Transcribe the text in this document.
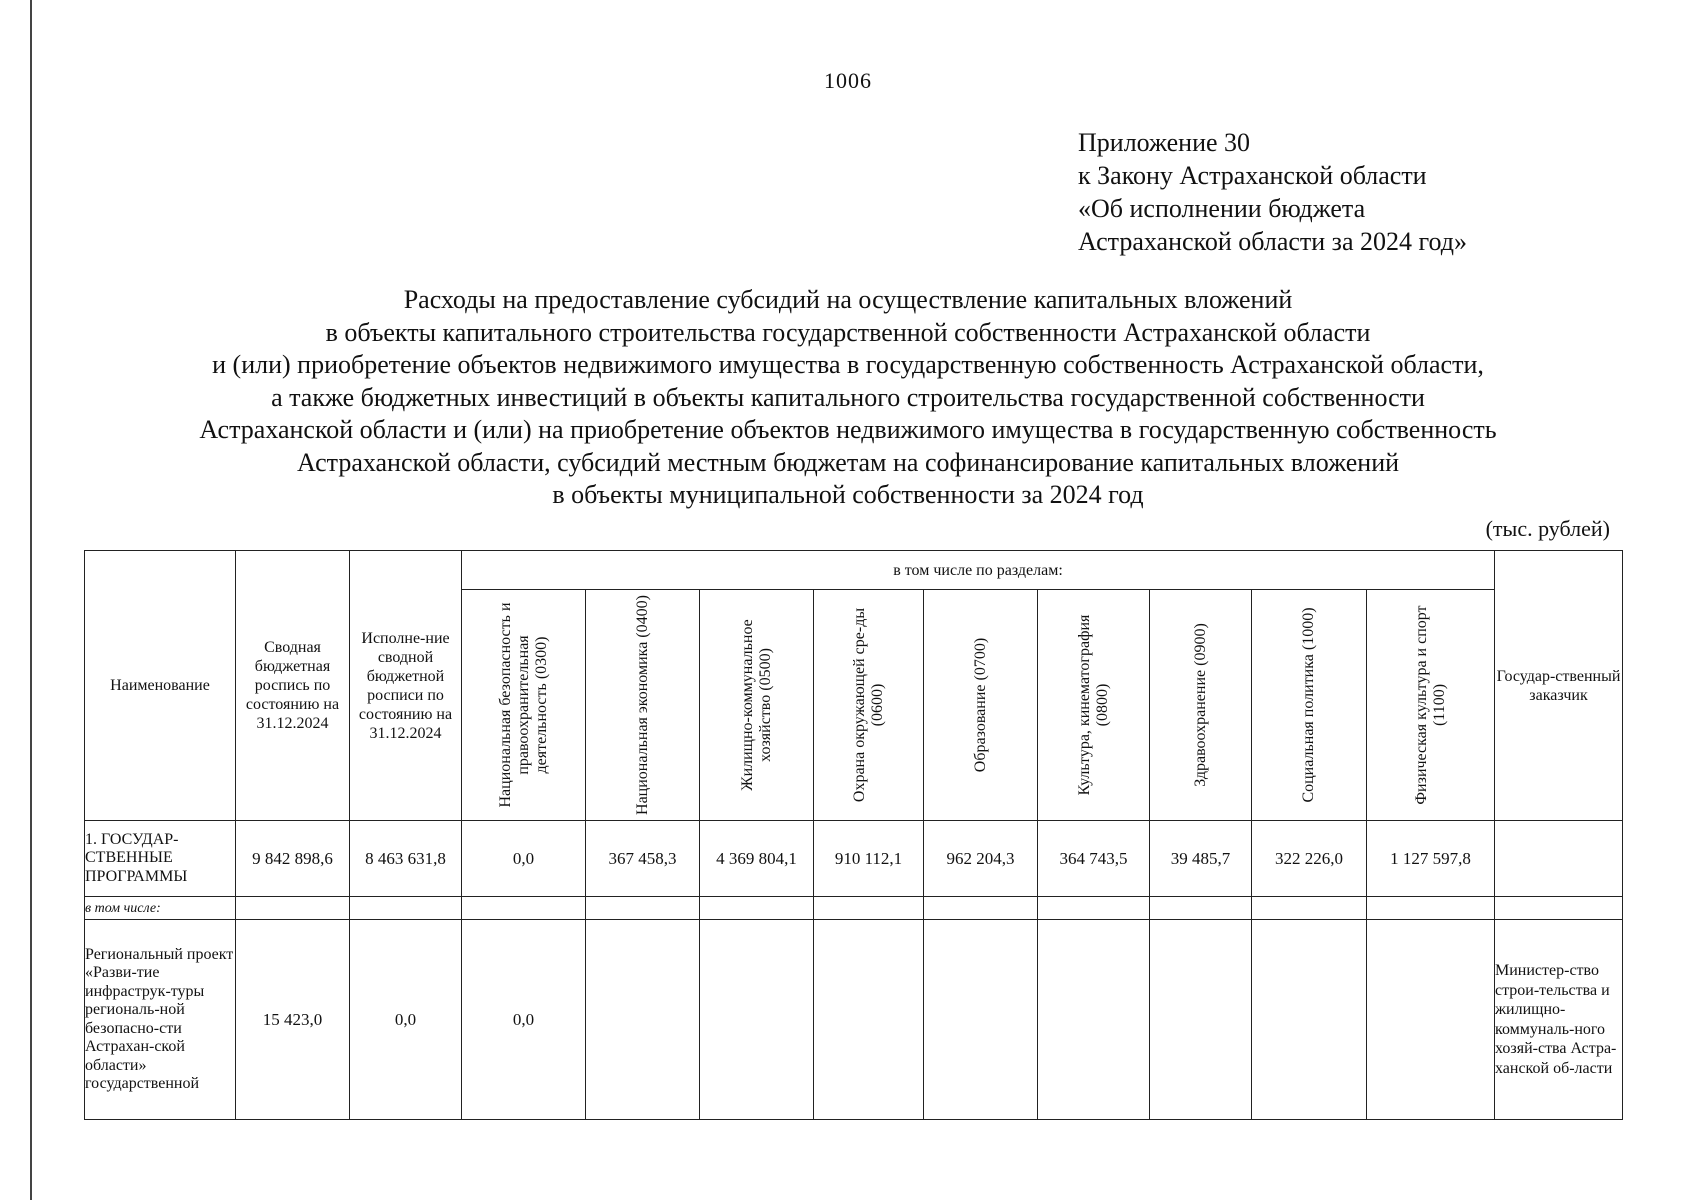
1006
Приложение 30
к Закону Астраханской области
«Об исполнении бюджета
Астраханской области за 2024 год»
Расходы на предоставление субсидий на осуществление капитальных вложений
в объекты капитального строительства государственной собственности Астраханской области
и (или) приобретение объектов недвижимого имущества в государственную собственность Астраханской области,
а также бюджетных инвестиций в объекты капитального строительства государственной собственности
Астраханской области и (или) на приобретение объектов недвижимого имущества в государственную собственность
Астраханской области, субсидий местным бюджетам на софинансирование капитальных вложений
в объекты муниципальной собственности за 2024 год
(тыс. рублей)
Наименование	Сводная бюджетная роспись по состоянию на 31.12.2024	Исполне-ние сводной бюджетной росписи по состоянию на 31.12.2024	в том числе по разделам:									Государ-ственный заказчик

			Национальная безопасность и правоохранительная деятельность (0300)	Национальная экономика (0400)	Жилищно-коммунальное хозяйство (0500)	Охрана окружающей сре-ды (0600)	Образование (0700)	Культура, кинематография (0800)	Здравоохранение (0900)	Социальная политика (1000)	Физическая культура и спорт (1100)	

1. ГОСУДАР-СТВЕННЫЕ ПРОГРАММЫ	9 842 898,6	8 463 631,8	0,0	367 458,3	4 369 804,1	910 112,1	962 204,3	364 743,5	39 485,7	322 226,0	1 127 597,8	
в том числе:												
Региональный проект «Разви-тие инфраструк-туры региональ-ной безопасно-сти Астрахан-ской области» государственной	15 423,0	0,0	0,0									Министер-ство строи-тельства и жилищно-коммуналь-ного хозяй-ства Астра-ханской об-ласти
